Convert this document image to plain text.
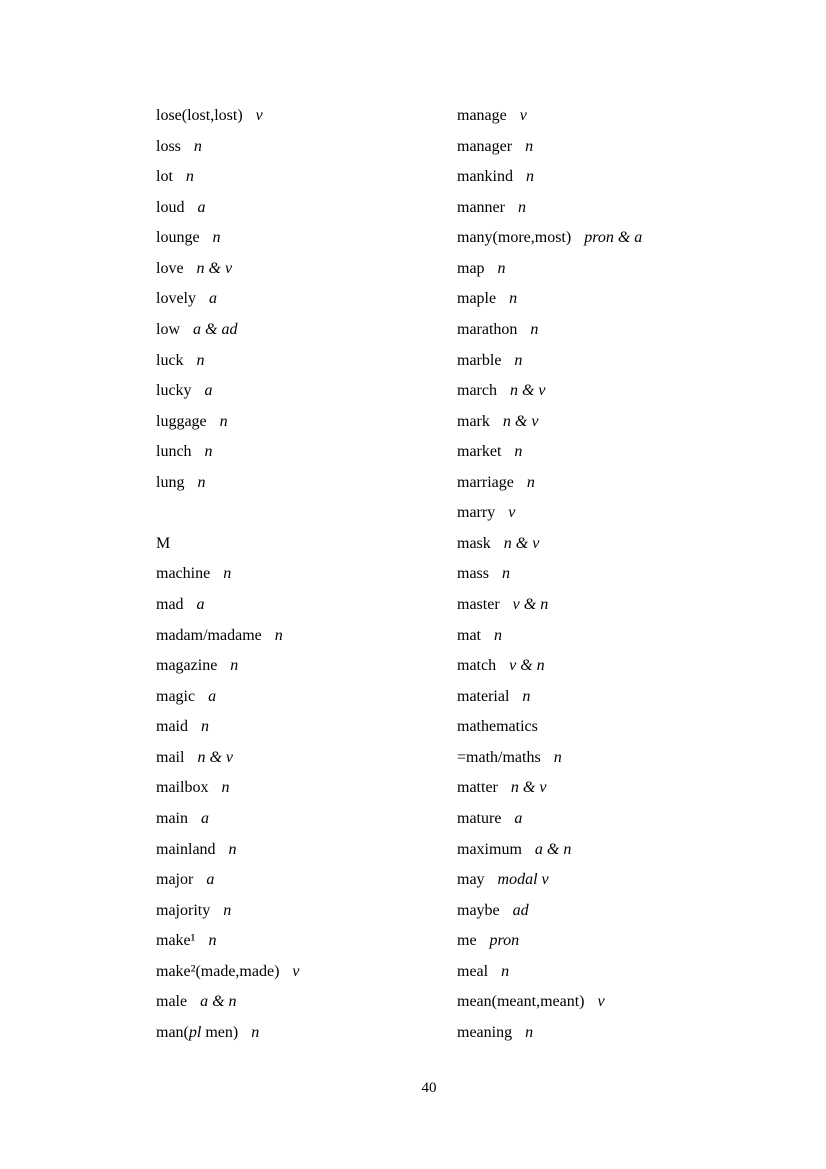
lose(lost,lost) v
loss n
lot n
loud a
lounge n
love n & v
lovely a
low a & ad
luck n
lucky a
luggage n
lunch n
lung n
M
machine n
mad a
madam/madame n
magazine n
magic a
maid n
mail n & v
mailbox n
main a
mainland n
major a
majority n
make¹ n
make²(made,made) v
male a & n
man(pl men) n
manage v
manager n
mankind n
manner n
many(more,most) pron & a
map n
maple n
marathon n
marble n
march n & v
mark n & v
market n
marriage n
marry v
mask n & v
mass n
master v & n
mat n
match v & n
material n
mathematics
=math/maths n
matter n & v
mature a
maximum a & n
may modal v
maybe ad
me pron
meal n
mean(meant,meant) v
meaning n
40
